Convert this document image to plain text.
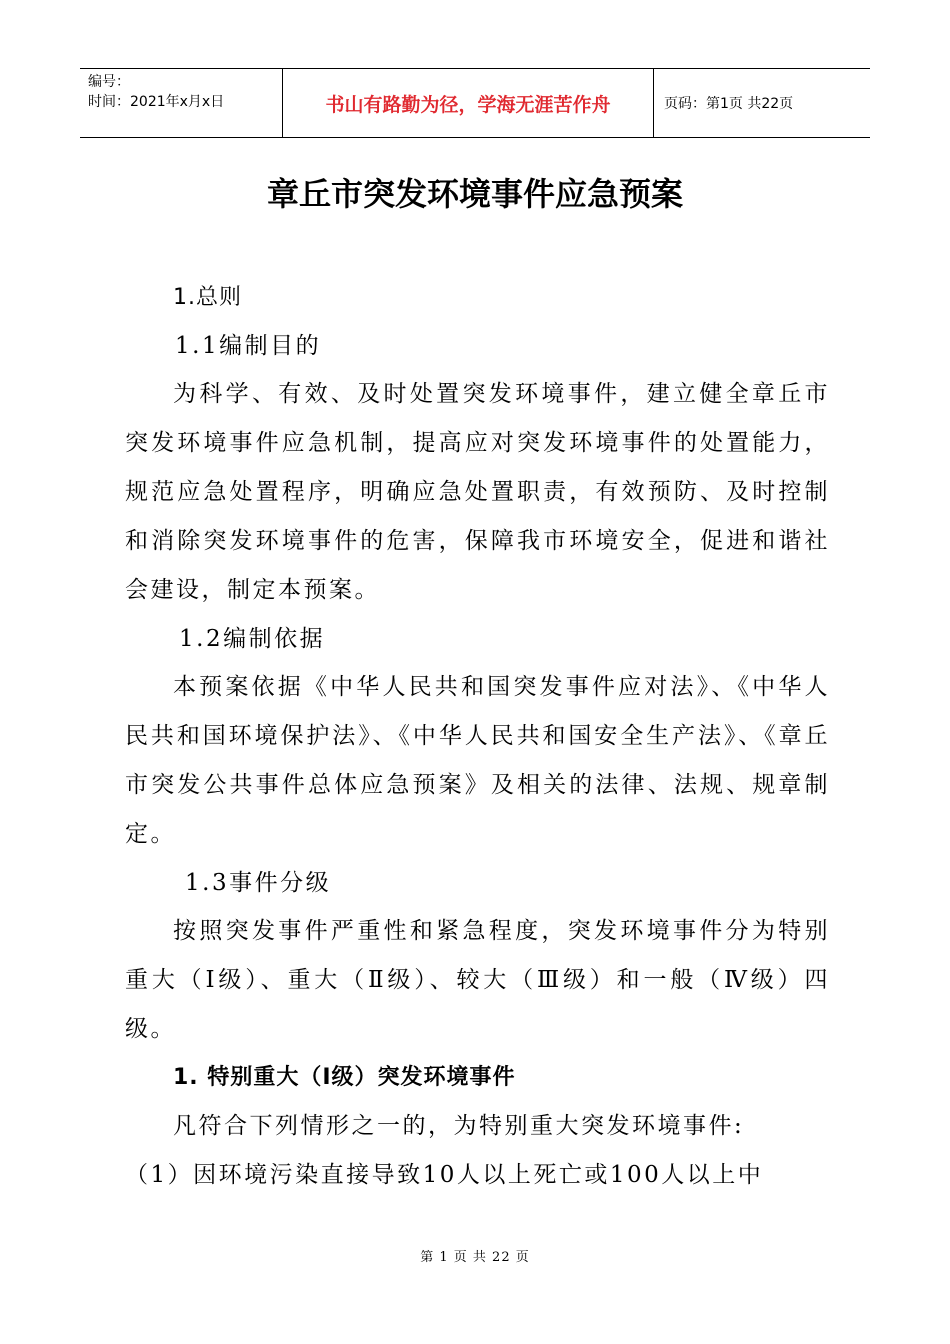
编号：
时间：2021年x月x日	书山有路勤为径，学海无涯苦作舟	页码：第1页 共22页
章丘市突发环境事件应急预案
1.总则
1.1编制目的

为科学、有效、及时处置突发环境事件，建立健全章丘市突发环境事件应急机制，提高应对突发环境事件的处置能力，规范应急处置程序，明确应急处置职责，有效预防、及时控制和消除突发环境事件的危害，保障我市环境安全，促进和谐社会建设，制定本预案。

1.2编制依据

本预案依据《中华人民共和国突发事件应对法》、《中华人民共和国环境保护法》、《中华人民共和国安全生产法》、《章丘市突发公共事件总体应急预案》及相关的法律、法规、规章制定。

1.3事件分级

按照突发事件严重性和紧急程度，突发环境事件分为特别重大（Ⅰ级）、重大（Ⅱ级）、较大（Ⅲ级）和一般（Ⅳ级）四级。

1. 特别重大（Ⅰ级）突发环境事件

凡符合下列情形之一的，为特别重大突发环境事件:

（1）因环境污染直接导致10人以上死亡或100人以上中

第 1 页 共 22 页
